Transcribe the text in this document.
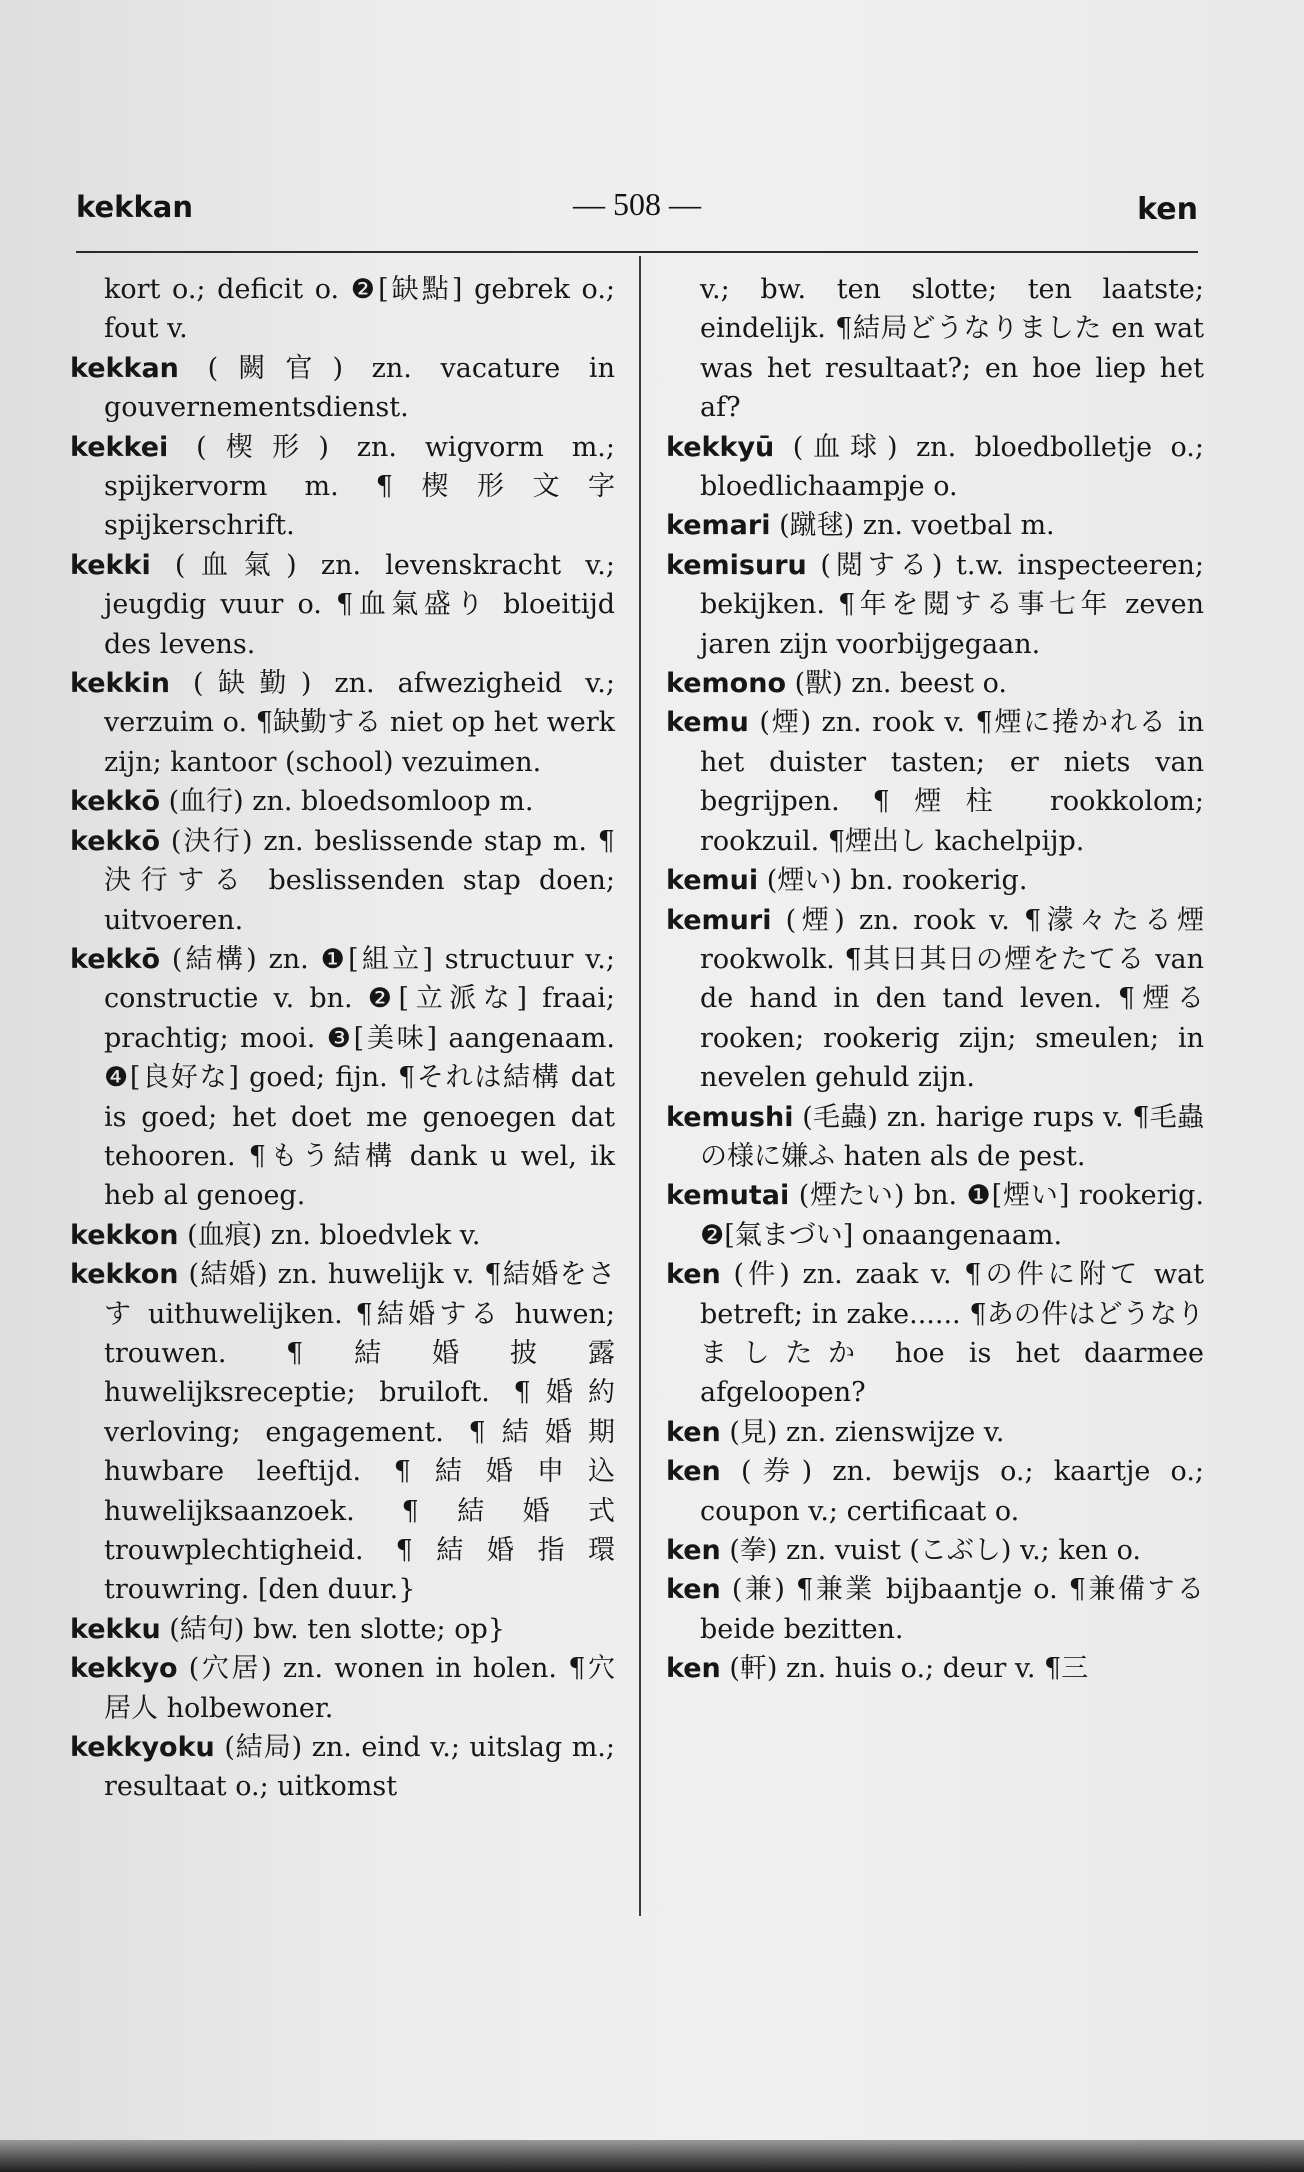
kekkan	— 508 —	ken

kort o.; deficit o. ❷[缺點] gebrek o.; fout v.

kekkan (闕官) zn. vacature in gouvernementsdienst.

kekkei (楔形) zn. wigvorm m.; spijkervorm m. ¶楔形文字 spijkerschrift.

kekki (血氣) zn. levenskracht v.; jeugdig vuur o. ¶血氣盛り bloeitijd des levens.

kekkin (缺勤) zn. afwezigheid v.; verzuim o. ¶缺勤する niet op het werk zijn; kantoor (school) vezuimen.

kekkō (血行) zn. bloedsomloop m.

kekkō (決行) zn. beslissende stap m. ¶決行する beslissenden stap doen; uitvoeren.

kekkō (結構) zn. ❶[組立] structuur v.; constructie v. bn. ❷[立派な] fraai; prachtig; mooi. ❸[美味] aangenaam. ❹[良好な] goed; fijn. ¶それは結構 dat is goed; het doet me genoegen dat tehooren. ¶もう結構 dank u wel, ik heb al genoeg.

kekkon (血痕) zn. bloedvlek v.

kekkon (結婚) zn. huwelijk v. ¶結婚をさす uithuwelijken. ¶結婚する huwen; trouwen. ¶結婚披露 huwelijksreceptie; bruiloft. ¶婚約 verloving; engagement. ¶結婚期 huwbare leeftijd. ¶結婚申込 huwelijksaanzoek. ¶結婚式 trouwplechtigheid. ¶結婚指環 trouwring. [den duur.}

kekku (結句) bw. ten slotte; op}

kekkyo (穴居) zn. wonen in holen. ¶穴居人 holbewoner.

kekkyoku (結局) zn. eind v.; uitslag m.; resultaat o.; uitkomst

v.; bw. ten slotte; ten laatste; eindelijk. ¶結局どうなりました en wat was het resultaat?; en hoe liep het af?

kekkyū (血球) zn. bloedbolletje o.; bloedlichaampje o.

kemari (蹴毬) zn. voetbal m.

kemisuru (閲する) t.w. inspecteeren; bekijken. ¶年を閲する事七年 zeven jaren zijn voorbijgegaan.

kemono (獸) zn. beest o.

kemu (煙) zn. rook v. ¶煙に捲かれる in het duister tasten; er niets van begrijpen. ¶煙柱 rookkolom; rookzuil. ¶煙出し kachelpijp.

kemui (煙い) bn. rookerig.

kemuri (煙) zn. rook v. ¶濛々たる煙 rookwolk. ¶其日其日の煙をたてる van de hand in den tand leven. ¶煙る rooken; rookerig zijn; smeulen; in nevelen gehuld zijn.

kemushi (毛蟲) zn. harige rups v. ¶毛蟲の様に嫌ふ haten als de pest.

kemutai (煙たい) bn. ❶[煙い] rookerig. ❷[氣まづい] onaangenaam.

ken (件) zn. zaak v. ¶の件に附て wat betreft; in zake...... ¶あの件はどうなりましたか hoe is het daarmee afgeloopen?

ken (見) zn. zienswijze v.

ken (券) zn. bewijs o.; kaartje o.; coupon v.; certificaat o.

ken (拳) zn. vuist (こぶし) v.; ken o.

ken (兼) ¶兼業 bijbaantje o. ¶兼備する beide bezitten.

ken (軒) zn. huis o.; deur v. ¶三
